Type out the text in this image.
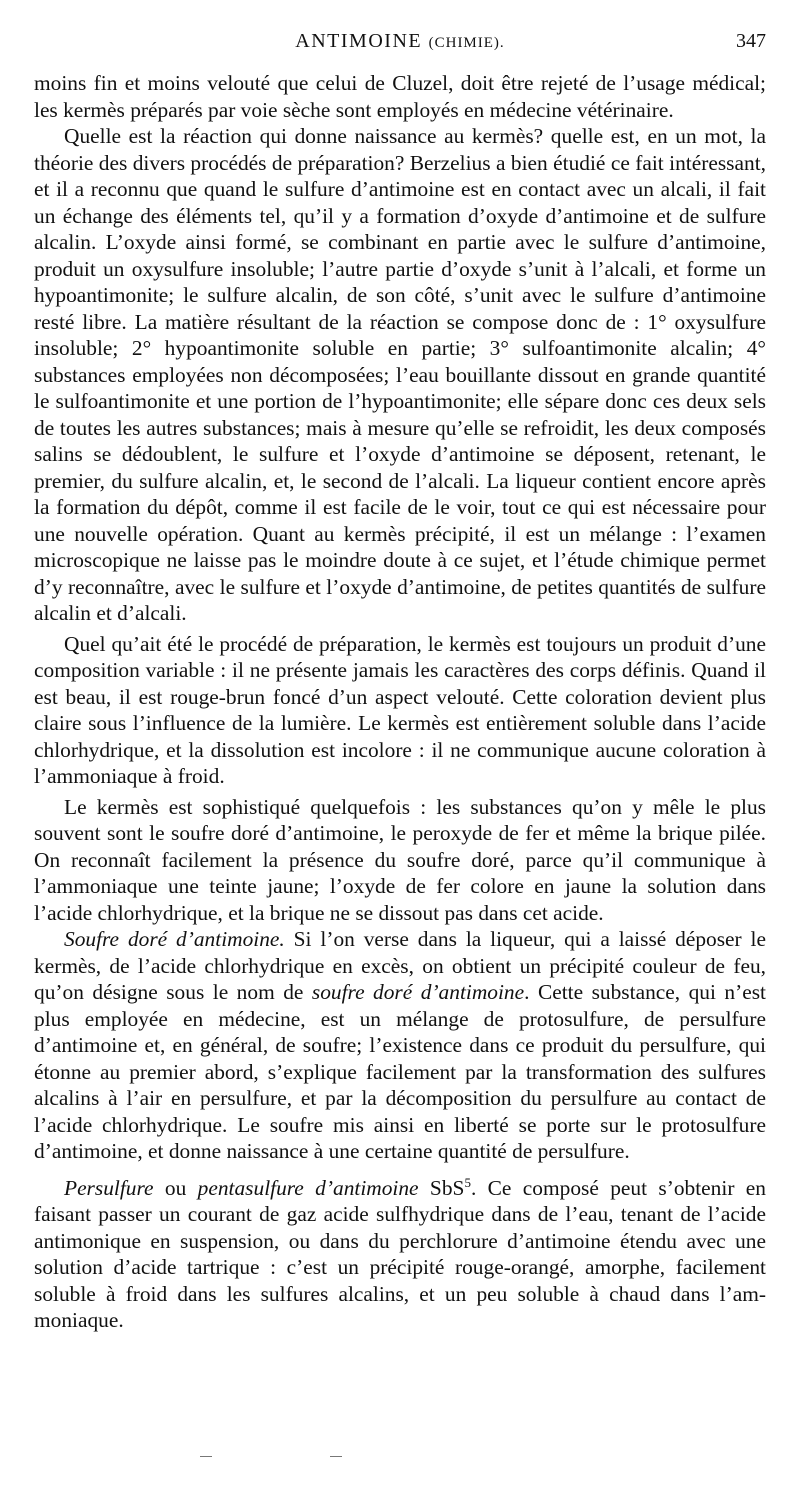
ANTIMOINE (CHIMIE).	347

moins fin et moins velouté que celui de Cluzel, doit être rejeté de l’usage médical; les kermès préparés par voie sèche sont employés en médecine vétérinaire.

Quelle est la réaction qui donne naissance au kermès? quelle est, en un mot, la théorie des divers procédés de préparation? Berzelius a bien étudié ce fait intéressant, et il a reconnu que quand le sulfure d’antimoine est en contact avec un alcali, il fait un échange des éléments tel, qu’il y a formation d’oxyde d’antimoine et de sulfure alcalin. L’oxyde ainsi formé, se combinant en partie avec le sulfure d’antimoine, produit un oxysulfure insoluble; l’autre partie d’oxyde s’unit à l’alcali, et forme un hypoantimonite; le sulfure alcalin, de son côté, s’unit avec le sulfure d’antimoine resté libre. La matière résultant de la réaction se compose donc de : 1° oxysulfure insoluble; 2° hypoantimonite soluble en partie; 3° sulfoantimonite alcalin; 4° substances employées non décomposées; l’eau bouillante dissout en grande quantité le sulfoantimonite et une portion de l’hypoantimonite; elle sépare donc ces deux sels de toutes les autres substances; mais à mesure qu’elle se refroidit, les deux composés salins se dédoublent, le sulfure et l’oxyde d’antimoine se déposent, retenant, le premier, du sulfure alcalin, et, le second de l’alcali. La liqueur contient encore après la formation du dépôt, comme il est facile de le voir, tout ce qui est nécessaire pour une nouvelle opération. Quant au kermès précipité, il est un mélange : l’examen microscopique ne laisse pas le moindre doute à ce sujet, et l’étude chimique permet d’y reconnaître, avec le sulfure et l’oxyde d’antimoine, de petites quantités de sulfure alcalin et d’alcali.

Quel qu’ait été le procédé de préparation, le kermès est toujours un produit d’une composition variable : il ne présente jamais les caractères des corps définis. Quand il est beau, il est rouge-brun foncé d’un aspect velouté. Cette coloration devient plus claire sous l’influence de la lumière. Le kermès est entièrement soluble dans l’acide chlorhydrique, et la dissolution est incolore : il ne communique aucune coloration à l’ammoniaque à froid.

Le kermès est sophistiqué quelquefois : les substances qu’on y mêle le plus souvent sont le soufre doré d’antimoine, le peroxyde de fer et même la brique pilée. On reconnaît facilement la présence du soufre doré, parce qu’il communique à l’ammoniaque une teinte jaune; l’oxyde de fer colore en jaune la solution dans l’acide chlorhydrique, et la brique ne se dissout pas dans cet acide.

Soufre doré d’antimoine. Si l’on verse dans la liqueur, qui a laissé déposer le kermès, de l’acide chlorhydrique en excès, on obtient un précipité couleur de feu, qu’on désigne sous le nom de soufre doré d’antimoine. Cette substance, qui n’est plus employée en médecine, est un mélange de protosulfure, de persulfure d’antimoine et, en général, de soufre; l’existence dans ce produit du persulfure, qui étonne au premier abord, s’explique facilement par la transformation des sulfures alcalins à l’air en persulfure, et par la décomposition du persulfure au contact de l’acide chlorhydrique. Le soufre mis ainsi en liberté se porte sur le protosulfure d’antimoine, et donne naissance à une certaine quantité de persulfure.

Persulfure ou pentasulfure d’antimoine SbS$^5$. Ce composé peut s’obtenir en faisant passer un courant de gaz acide sulfhydrique dans de l’eau, tenant de l’acide antimonique en suspension, ou dans du perchlorure d’antimoine étendu avec une solution d’acide tartrique : c’est un précipité rouge-orangé, amorphe, facilement soluble à froid dans les sulfures alcalins, et un peu soluble à chaud dans l’ammoniaque.
